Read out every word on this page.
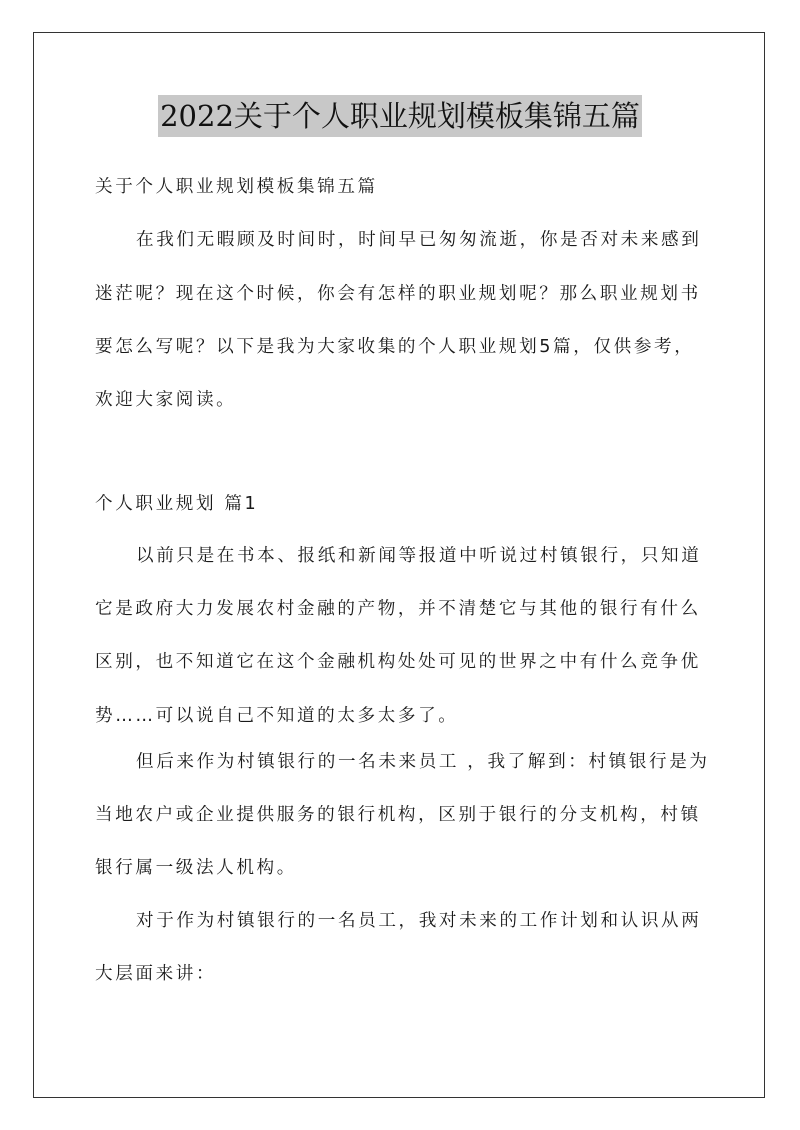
2022关于个人职业规划模板集锦五篇
关于个人职业规划模板集锦五篇
在我们无暇顾及时间时，时间早已匆匆流逝，你是否对未来感到
迷茫呢？现在这个时候，你会有怎样的职业规划呢？那么职业规划书
要怎么写呢？以下是我为大家收集的个人职业规划5篇，仅供参考，
欢迎大家阅读。
个人职业规划 篇1
以前只是在书本、报纸和新闻等报道中听说过村镇银行，只知道
它是政府大力发展农村金融的产物，并不清楚它与其他的银行有什么
区别，也不知道它在这个金融机构处处可见的世界之中有什么竞争优
势……可以说自己不知道的太多太多了。
但后来作为村镇银行的一名未来员工 ，我了解到：村镇银行是为
当地农户或企业提供服务的银行机构，区别于银行的分支机构，村镇
银行属一级法人机构。
对于作为村镇银行的一名员工，我对未来的工作计划和认识从两
大层面来讲：
